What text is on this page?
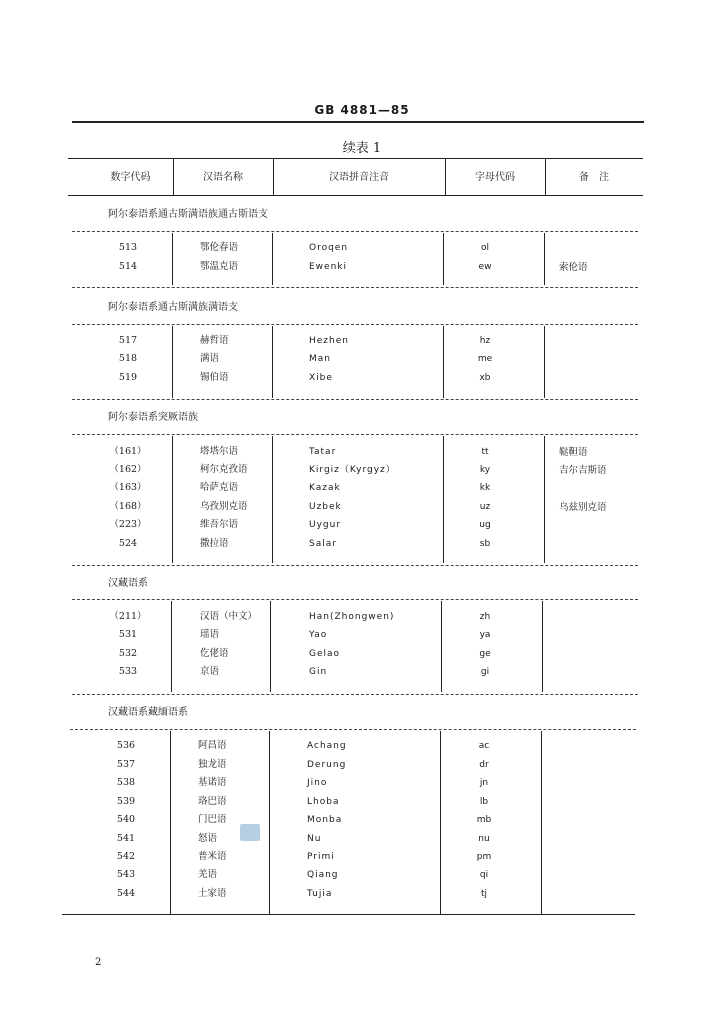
GB 4881—85
续表 1
数字代码	汉语名称	汉语拼音注音	字母代码	备　注
阿尔泰语系通古斯满语族通古斯语支
513	鄂伦春语	Oroqen	ol
514	鄂温克语	Ewenki	ew	索伦语
阿尔泰语系通古斯满族满语支
517	赫哲语	Hezhen	hz
518	满语	Man	me
519	锡伯语	Xibe	xb
阿尔泰语系突厥语族
（161）	塔塔尔语	Tatar	tt	鞑靼语
（162）	柯尔克孜语	Kirgiz（Kyrgyz）	ky	吉尔吉斯语
（163）	哈萨克语	Kazak	kk
（168）	乌孜别克语	Uzbek	uz	乌兹别克语
（223）	维吾尔语	Uygur	ug
524	撒拉语	Salar	sb
汉藏语系
（211）	汉语（中文）	Han(Zhongwen)	zh
531	瑶语	Yao	ya
532	仡佬语	Gelao	ge
533	京语	Gin	gi
汉藏语系藏缅语系
536	阿昌语	Achang	ac
537	独龙语	Derung	dr
538	基诺语	Jino	jn
539	珞巴语	Lhoba	lb
540	门巴语	Monba	mb
541	怒语	Nu	nu
542	普米语	Primi	pm
543	羌语	Qiang	qi
544	土家语	Tujia	tj
2
